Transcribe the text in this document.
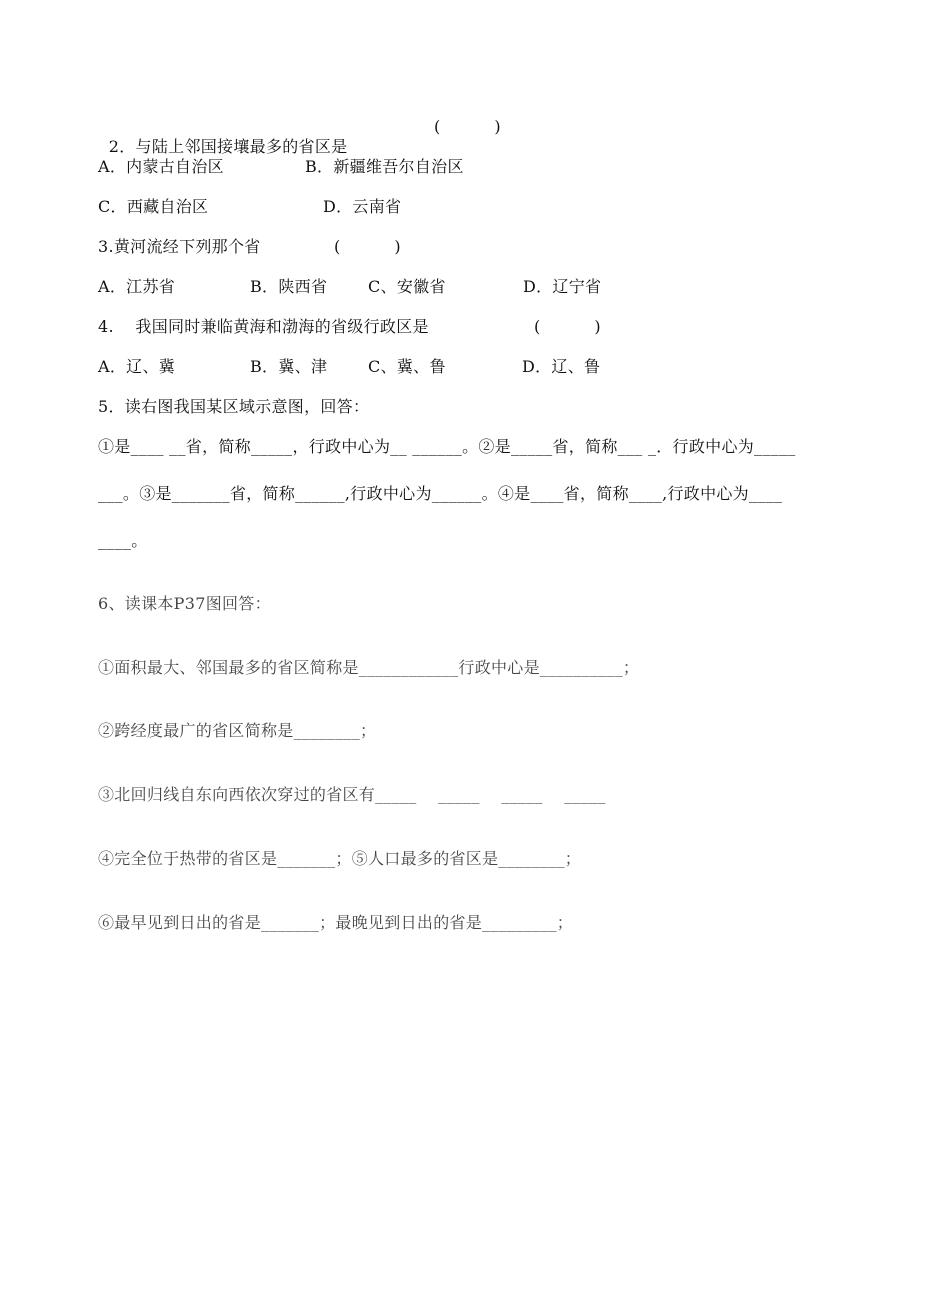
2．与陆上邻国接壤最多的省区是

(          )
A．内蒙古自治区	B．新疆维吾尔自治区
C．西藏自治区	D．云南省
3.黄河流经下列那个省	(          )
A．江苏省	B．陕西省	C、安徽省	D．辽宁省
4.    我国同时兼临黄海和渤海的省级行政区是	(          )
A．辽、冀	B．冀、津	C、冀、鲁	D．辽、鲁
5．读右图我国某区域示意图，回答：
①是____ __省，简称_____，行政中心为__ ______。②是_____省，简称___ _．行政中心为_____
___。③是_______省，简称______,行政中心为______。④是____省，简称____,行政中心为____
____。
6、读课本P37图回答：
①面积最大、邻国最多的省区简称是____________行政中心是__________；
②跨经度最广的省区简称是________；
③北回归线自东向西依次穿过的省区有_____    _____    _____    _____
④完全位于热带的省区是_______；⑤人口最多的省区是________；
⑥最早见到日出的省是_______；最晚见到日出的省是_________；
